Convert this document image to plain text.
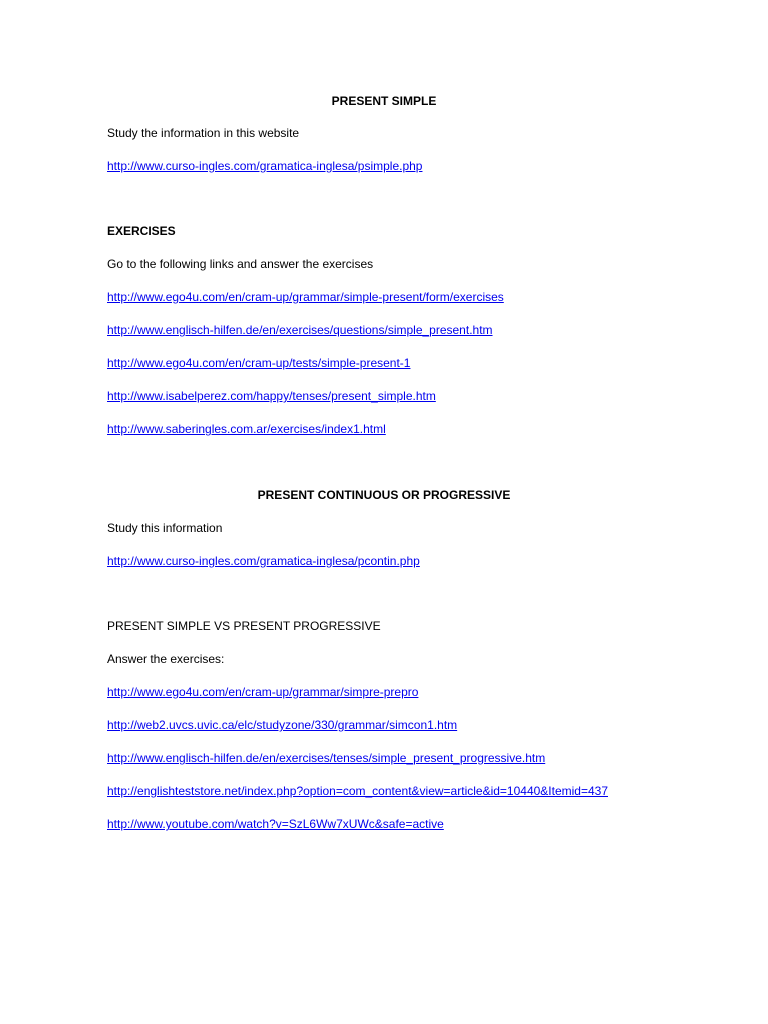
PRESENT SIMPLE
Study the information in this website
http://www.curso-ingles.com/gramatica-inglesa/psimple.php
EXERCISES
Go to the following links and answer the exercises
http://www.ego4u.com/en/cram-up/grammar/simple-present/form/exercises
http://www.englisch-hilfen.de/en/exercises/questions/simple_present.htm
http://www.ego4u.com/en/cram-up/tests/simple-present-1
http://www.isabelperez.com/happy/tenses/present_simple.htm
http://www.saberingles.com.ar/exercises/index1.html
PRESENT CONTINUOUS OR PROGRESSIVE
Study this information
http://www.curso-ingles.com/gramatica-inglesa/pcontin.php
PRESENT SIMPLE VS PRESENT PROGRESSIVE
Answer the exercises:
http://www.ego4u.com/en/cram-up/grammar/simpre-prepro
http://web2.uvcs.uvic.ca/elc/studyzone/330/grammar/simcon1.htm
http://www.englisch-hilfen.de/en/exercises/tenses/simple_present_progressive.htm
http://englishteststore.net/index.php?option=com_content&view=article&id=10440&Itemid=437
http://www.youtube.com/watch?v=SzL6Ww7xUWc&safe=active
